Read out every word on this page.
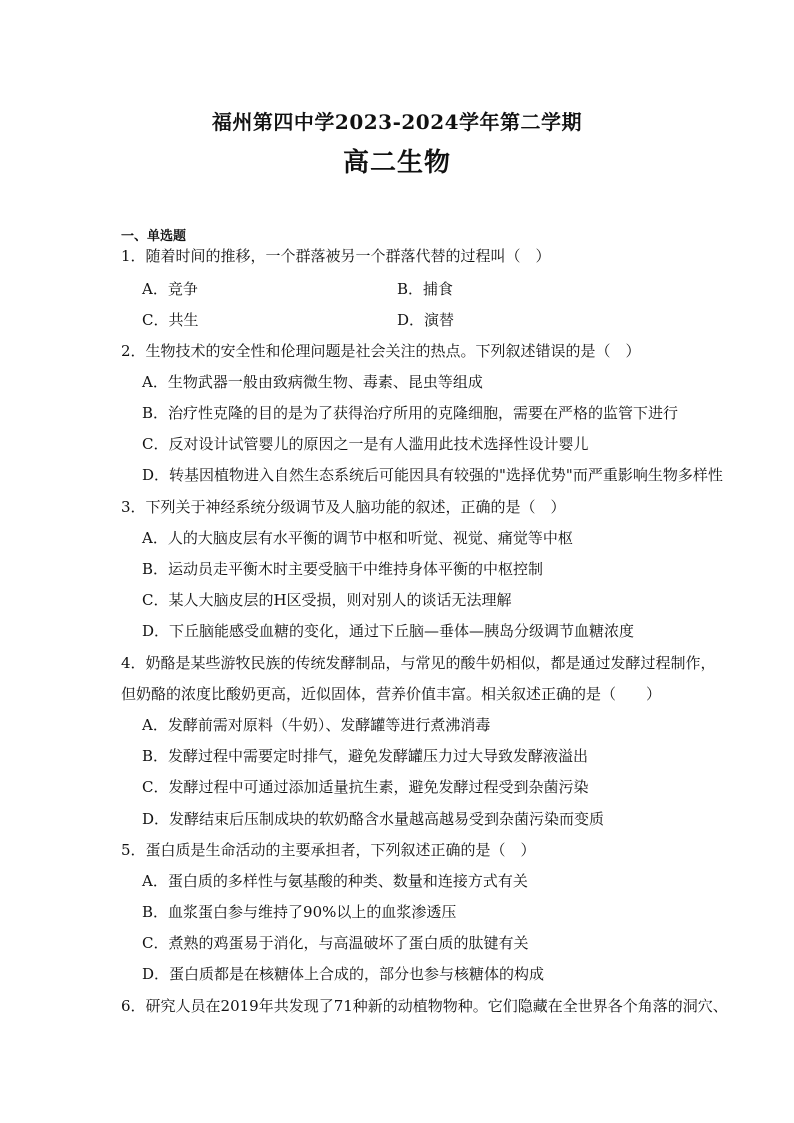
福州第四中学2023-2024学年第二学期
高二生物
一、单选题
1．随着时间的推移，一个群落被另一个群落代替的过程叫（　）
A．竞争	B．捕食
C．共生	D．演替
2．生物技术的安全性和伦理问题是社会关注的热点。下列叙述错误的是（　）
A．生物武器一般由致病微生物、毒素、昆虫等组成
B．治疗性克隆的目的是为了获得治疗所用的克隆细胞，需要在严格的监管下进行
C．反对设计试管婴儿的原因之一是有人滥用此技术选择性设计婴儿
D．转基因植物进入自然生态系统后可能因具有较强的"选择优势"而严重影响生物多样性
3．下列关于神经系统分级调节及人脑功能的叙述，正确的是（　）
A．人的大脑皮层有水平衡的调节中枢和听觉、视觉、痛觉等中枢
B．运动员走平衡木时主要受脑干中维持身体平衡的中枢控制
C．某人大脑皮层的H区受损，则对别人的谈话无法理解
D．下丘脑能感受血糖的变化，通过下丘脑—垂体—胰岛分级调节血糖浓度
4．奶酪是某些游牧民族的传统发酵制品，与常见的酸牛奶相似，都是通过发酵过程制作，
但奶酪的浓度比酸奶更高，近似固体，营养价值丰富。相关叙述正确的是（　　）
A．发酵前需对原料（牛奶）、发酵罐等进行煮沸消毒
B．发酵过程中需要定时排气，避免发酵罐压力过大导致发酵液溢出
C．发酵过程中可通过添加适量抗生素，避免发酵过程受到杂菌污染
D．发酵结束后压制成块的软奶酪含水量越高越易受到杂菌污染而变质
5．蛋白质是生命活动的主要承担者，下列叙述正确的是（　）
A．蛋白质的多样性与氨基酸的种类、数量和连接方式有关
B．血浆蛋白参与维持了90%以上的血浆渗透压
C．煮熟的鸡蛋易于消化，与高温破坏了蛋白质的肽键有关
D．蛋白质都是在核糖体上合成的，部分也参与核糖体的构成
6．研究人员在2019年共发现了71种新的动植物物种。它们隐藏在全世界各个角落的洞穴、
